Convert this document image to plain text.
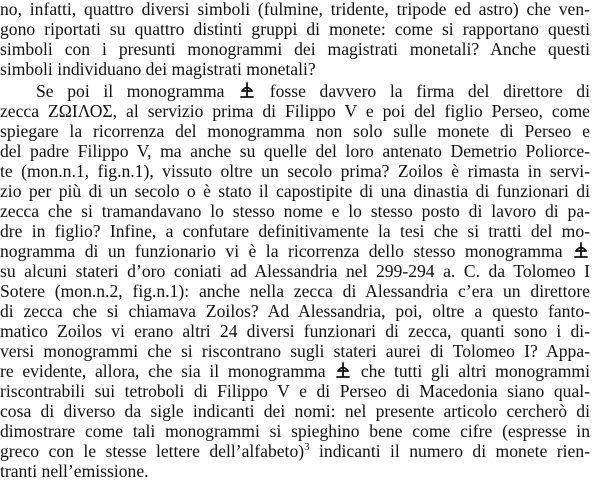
no, infatti, quattro diversi simboli (fulmine, tridente, tripode ed astro) che ven-
gono riportati su quattro distinti gruppi di monete: come si rapportano questi
simboli con i presunti monogrammi dei magistrati monetali? Anche questi
simboli individuano dei magistrati monetali?
Se poi il monogramma
fosse davvero la firma del direttore di
zecca ΖΩΙΛΟΣ, al servizio prima di Filippo V e poi del figlio Perseo, come
spiegare la ricorrenza del monogramma non solo sulle monete di Perseo e
del padre Filippo V, ma anche su quelle del loro antenato Demetrio Poliorce-
te (mon.n.1, fig.n.1), vissuto oltre un secolo prima? Zoilos è rimasta in servi-
zio per più di un secolo o è stato il capostipite di una dinastia di funzionari di
zecca che si tramandavano lo stesso nome e lo stesso posto di lavoro di pa-
dre in figlio? Infine, a confutare definitivamente la tesi che si tratti del mo-
nogramma di un funzionario vi è la ricorrenza dello stesso monogramma
su alcuni stateri d’oro coniati ad Alessandria nel 299-294 a. C. da Tolomeo I
Sotere (mon.n.2, fig.n.1): anche nella zecca di Alessandria c’era un direttore
di zecca che si chiamava Zoilos? Ad Alessandria, poi, oltre a questo fanto-
matico Zoilos vi erano altri 24 diversi funzionari di zecca, quanti sono i di-
versi monogrammi che si riscontrano sugli stateri aurei di Tolomeo I? Appa-
re evidente, allora, che sia il monogramma
che tutti gli altri monogrammi
riscontrabili sui tetroboli di Filippo V e di Perseo di Macedonia siano qual-
cosa di diverso da sigle indicanti dei nomi: nel presente articolo cercherò di
dimostrare come tali monogrammi si spieghino bene come cifre (espresse in
greco con le stesse lettere dell’alfabeto)$^3$ indicanti il numero di monete rien-
tranti nell’emissione.
